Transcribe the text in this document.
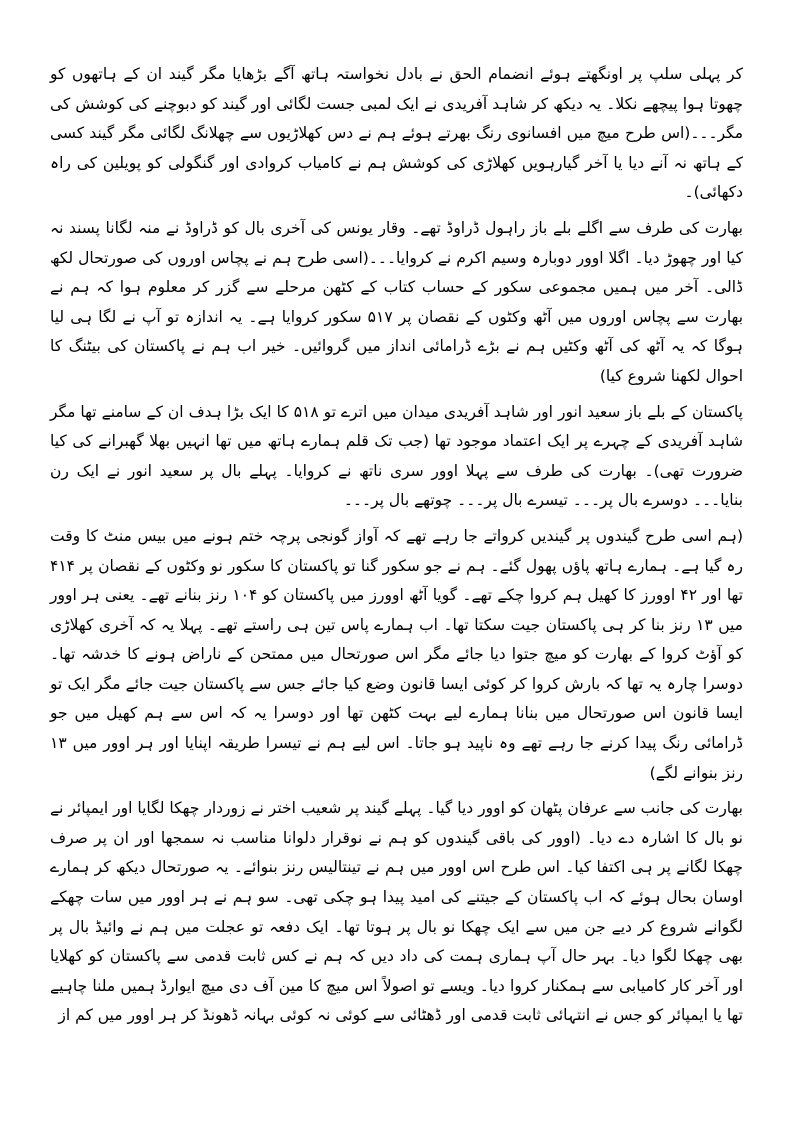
کر پہلی سلپ پر اونگھتے ہوئے انضمام الحق نے بادل نخواستہ ہاتھ آگے بڑھایا مگر گیند ان کے ہاتھوں کو چھوتا ہوا پیچھے نکلا۔ یہ دیکھ کر شاہد آفریدی نے ایک لمبی جست لگائی اور گیند کو دبوچنے کی کوشش کی مگر۔۔۔(اس طرح میچ میں افسانوی رنگ بھرتے ہوئے ہم نے دس کھلاڑیوں سے چھلانگ لگائی مگر گیند کسی کے ہاتھ نہ آنے دیا یا آخر گیارہویں کھلاڑی کی کوشش ہم نے کامیاب کروادی اور گنگولی کو پویلین کی راہ دکھائی)۔

بھارت کی طرف سے اگلے بلے باز راہول ڈراوڈ تھے۔ وقار یونس کی آخری بال کو ڈراوڈ نے منہ لگانا پسند نہ کیا اور چھوڑ دیا۔ اگلا اوور دوبارہ وسیم اکرم نے کروایا۔۔۔(اسی طرح ہم نے پچاس اوروں کی صورتحال لکھ ڈالی۔ آخر میں ہمیں مجموعی سکور کے حساب کتاب کے کٹھن مرحلے سے گزر کر معلوم ہوا کہ ہم نے بھارت سے پچاس اوروں میں آٹھ وکٹوں کے نقصان پر ۵۱۷ سکور کروایا ہے۔ یہ اندازہ تو آپ نے لگا ہی لیا ہوگا کہ یہ آٹھ کی آٹھ وکٹیں ہم نے بڑے ڈرامائی انداز میں گروائیں۔ خیر اب ہم نے پاکستان کی بیٹنگ کا احوال لکھنا شروع کیا)

پاکستان کے بلے باز سعید انور اور شاہد آفریدی میدان میں اترے تو ۵۱۸ کا ایک بڑا ہدف ان کے سامنے تھا مگر شاہد آفریدی کے چہرے پر ایک اعتماد موجود تھا (جب تک قلم ہمارے ہاتھ میں تھا انہیں بھلا گھبرانے کی کیا ضرورت تھی)۔ بھارت کی طرف سے پہلا اوور سری ناتھ نے کروایا۔ پہلے بال پر سعید انور نے ایک رن بنایا۔۔۔ دوسرے بال پر۔۔۔ تیسرے بال پر۔۔۔ چوتھے بال پر۔۔۔

(ہم اسی طرح گیندوں پر گیندیں کرواتے جا رہے تھے کہ آواز گونجی پرچہ ختم ہونے میں بیس منٹ کا وقت رہ گیا ہے۔ ہمارے ہاتھ پاؤں پھول گئے۔ ہم نے جو سکور گنا تو پاکستان کا سکور نو وکٹوں کے نقصان پر ۴۱۴ تھا اور ۴۲ اوورز کا کھیل ہم کروا چکے تھے۔ گویا آٹھ اوورز میں پاکستان کو ۱۰۴ رنز بنانے تھے۔ یعنی ہر اوور میں ۱۳ رنز بنا کر ہی پاکستان جیت سکتا تھا۔ اب ہمارے پاس تین ہی راستے تھے۔ پہلا یہ کہ آخری کھلاڑی کو آؤٹ کروا کے بھارت کو میچ جتوا دیا جائے مگر اس صورتحال میں ممتحن کے ناراض ہونے کا خدشہ تھا۔ دوسرا چارہ یہ تھا کہ بارش کروا کر کوئی ایسا قانون وضع کیا جائے جس سے پاکستان جیت جائے مگر ایک تو ایسا قانون اس صورتحال میں بنانا ہمارے لیے بہت کٹھن تھا اور دوسرا یہ کہ اس سے ہم کھیل میں جو ڈرامائی رنگ پیدا کرنے جا رہے تھے وہ ناپید ہو جاتا۔ اس لیے ہم نے تیسرا طریقہ اپنایا اور ہر اوور میں ۱۳ رنز بنوانے لگے)

بھارت کی جانب سے عرفان پٹھان کو اوور دیا گیا۔ پہلے گیند پر شعیب اختر نے زوردار چھکا لگایا اور ایمپائر نے نو بال کا اشارہ دے دیا۔ (اوور کی باقی گیندوں کو ہم نے نوقرار دلوانا مناسب نہ سمجھا اور ان پر صرف چھکا لگانے پر ہی اکتفا کیا۔ اس طرح اس اوور میں ہم نے تینتالیس رنز بنوائے۔ یہ صورتحال دیکھ کر ہمارے اوسان بحال ہوئے کہ اب پاکستان کے جیتنے کی امید پیدا ہو چکی تھی۔ سو ہم نے ہر اوور میں سات چھکے لگوانے شروع کر دیے جن میں سے ایک چھکا نو بال پر ہوتا تھا۔ ایک دفعہ تو عجلت میں ہم نے وائیڈ بال پر بھی چھکا لگوا دیا۔ بہر حال آپ ہماری ہمت کی داد دیں کہ ہم نے کس ثابت قدمی سے پاکستان کو کھلایا اور آخر کار کامیابی سے ہمکنار کروا دیا۔ ویسے تو اصولاً اس میچ کا مین آف دی میچ ایوارڈ ہمیں ملنا چاہیے تھا یا ایمپائر کو جس نے انتہائی ثابت قدمی اور ڈھٹائی سے کوئی نہ کوئی بہانہ ڈھونڈ کر ہر اوور میں کم از
